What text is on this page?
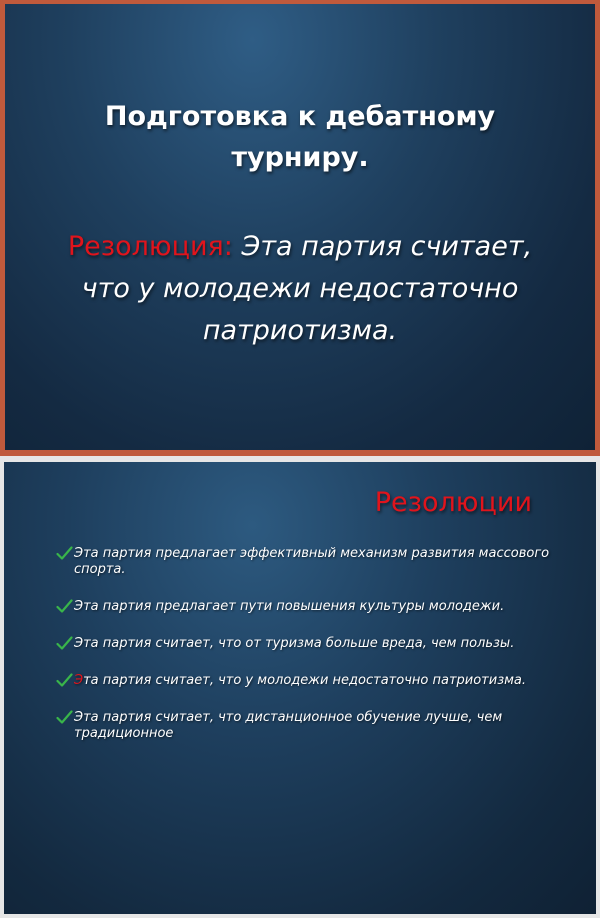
Подготовка к дебатному турниру.
Резолюция: Эта партия считает, что у молодежи недостаточно патриотизма.
Резолюции
Эта партия предлагает эффективный механизм развития массового спорта.
Эта партия предлагает пути повышения культуры молодежи.
Эта партия считает, что от туризма больше вреда, чем пользы.
Эта партия считает, что у молодежи недостаточно патриотизма.
Эта партия считает, что дистанционное обучение лучше, чем традиционное
